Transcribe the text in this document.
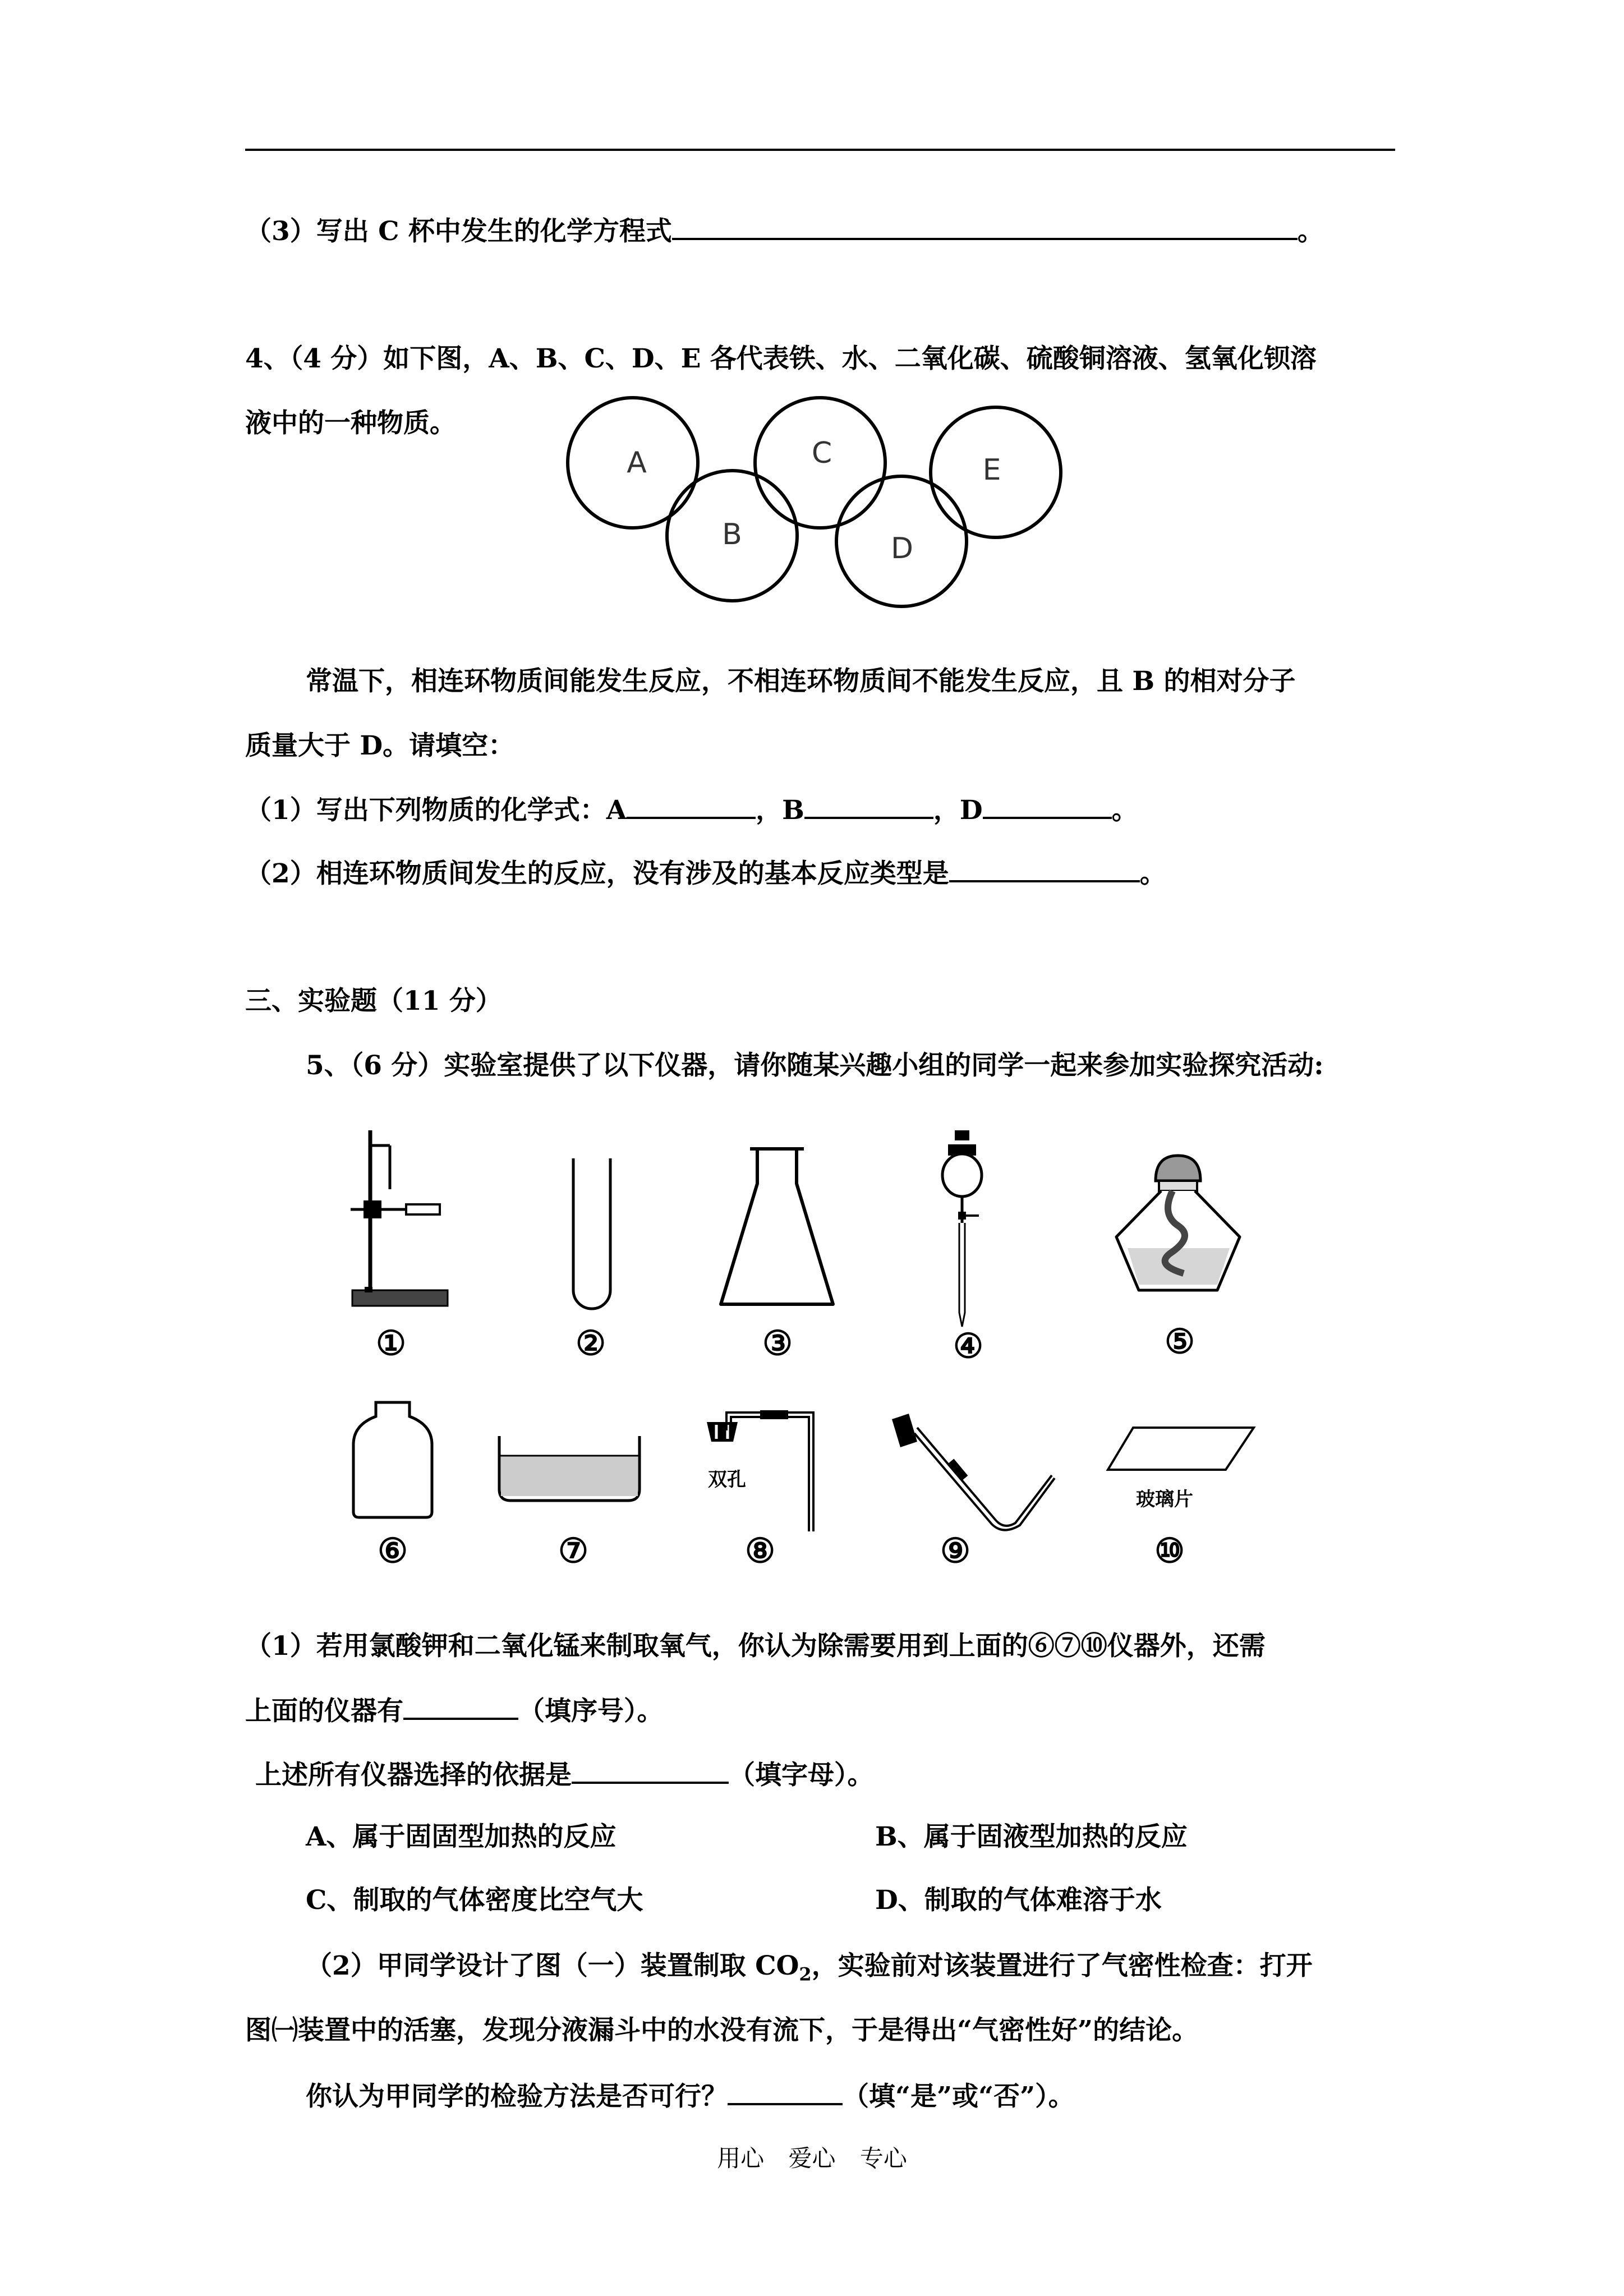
（3）写出 C 杯中发生的化学方程式	。
4、（4 分）如下图，A、B、C、D、E 各代表铁、水、二氧化碳、硫酸铜溶液、氢氧化钡溶
液中的一种物质。
A
B
C
D
E
常温下，相连环物质间能发生反应，不相连环物质间不能发生反应，且 B 的相对分子
质量大于 D。请填空：
（1）写出下列物质的化学式：A	，B	，D	。
（2）相连环物质间发生的反应，没有涉及的基本反应类型是	。
三、实验题（11 分）
5、（6 分）实验室提供了以下仪器，请你随某兴趣小组的同学一起来参加实验探究活动:
①	②	③	④	⑤
双孔
玻璃片
⑥	⑦	⑧	⑨	⑩
（1）若用氯酸钾和二氧化锰来制取氧气，你认为除需要用到上面的⑥⑦⑩仪器外，还需
上面的仪器有	（填序号）。
上述所有仪器选择的依据是	（填字母）。
A、属于固固型加热的反应	B、属于固液型加热的反应
C、制取的气体密度比空气大	D、制取的气体难溶于水
（2）甲同学设计了图（一）装置制取 $CO_2$，实验前对该装置进行了气密性检查：打开
图㈠装置中的活塞，发现分液漏斗中的水没有流下，于是得出“气密性好”的结论。
你认为甲同学的检验方法是否可行？	（填“是”或“否”）。
用心 爱心 专心
